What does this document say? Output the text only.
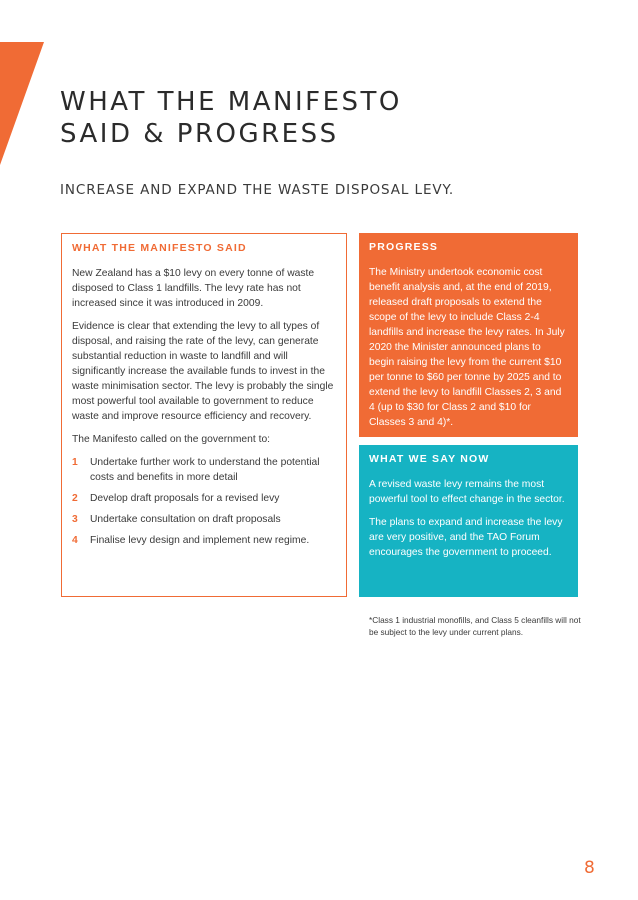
WHAT THE MANIFESTO
SAID & PROGRESS
INCREASE AND EXPAND THE WASTE DISPOSAL LEVY.
WHAT THE MANIFESTO SAID

New Zealand has a $10 levy on every tonne of waste disposed to Class 1 landfills. The levy rate has not increased since it was introduced in 2009.

Evidence is clear that extending the levy to all types of disposal, and raising the rate of the levy, can generate substantial reduction in waste to landfill and will significantly increase the available funds to invest in the waste minimisation sector. The levy is probably the single most powerful tool available to government to reduce waste and improve resource efficiency and recovery.

The Manifesto called on the government to:

1	Undertake further work to understand the potential costs and benefits in more detail
2	Develop draft proposals for a revised levy
3	Undertake consultation on draft proposals
4	Finalise levy design and implement new regime.
PROGRESS

The Ministry undertook economic cost benefit analysis and, at the end of 2019, released draft proposals to extend the scope of the levy to include Class 2-4 landfills and increase the levy rates. In July 2020 the Minister announced plans to begin raising the levy from the current $10 per tonne to $60 per tonne by 2025 and to extend the levy to landfill Classes 2, 3 and 4 (up to $30 for Class 2 and $10 for Classes 3 and 4)*.

WHAT WE SAY NOW

A revised waste levy remains the most powerful tool to effect change in the sector.

The plans to expand and increase the levy are very positive, and the TAO Forum encourages the government to proceed.

*Class 1 industrial monofills, and Class 5 cleanfills will not be subject to the levy under current plans.

8
